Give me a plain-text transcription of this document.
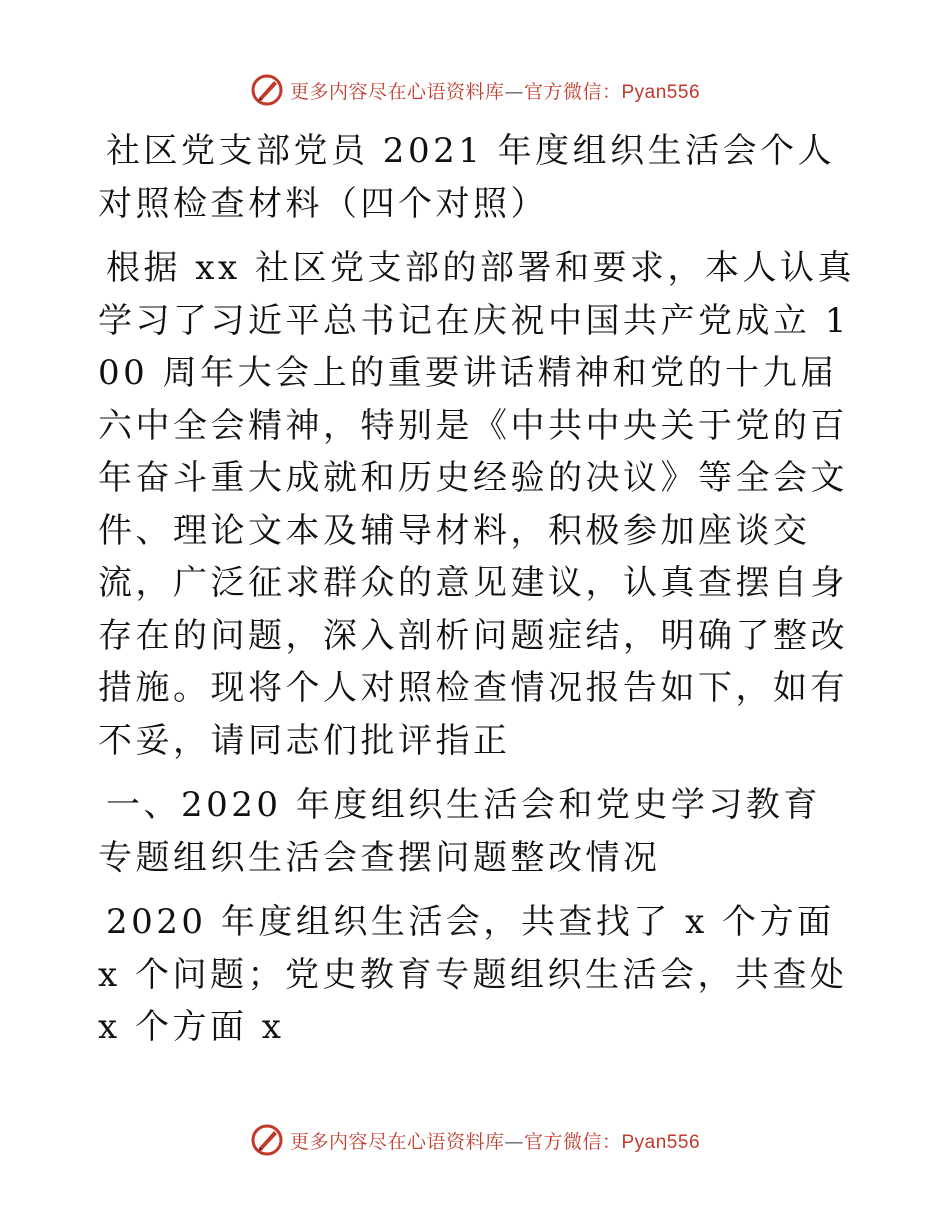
更多内容尽在心语资料库—官方微信：Pyan556

社区党支部党员 2021 年度组织生活会个人对照检查材料（四个对照）

根据 xx 社区党支部的部署和要求，本人认真学习了习近平总书记在庆祝中国共产党成立 100 周年大会上的重要讲话精神和党的十九届六中全会精神，特别是《中共中央关于党的百年奋斗重大成就和历史经验的决议》等全会文件、理论文本及辅导材料，积极参加座谈交流，广泛征求群众的意见建议，认真查摆自身存在的问题，深入剖析问题症结，明确了整改措施。现将个人对照检查情况报告如下，如有不妥，请同志们批评指正

一、2020 年度组织生活会和党史学习教育专题组织生活会查摆问题整改情况

2020 年度组织生活会，共查找了 x 个方面 x 个问题；党史教育专题组织生活会，共查处 x 个方面 x

更多内容尽在心语资料库—官方微信：Pyan556
